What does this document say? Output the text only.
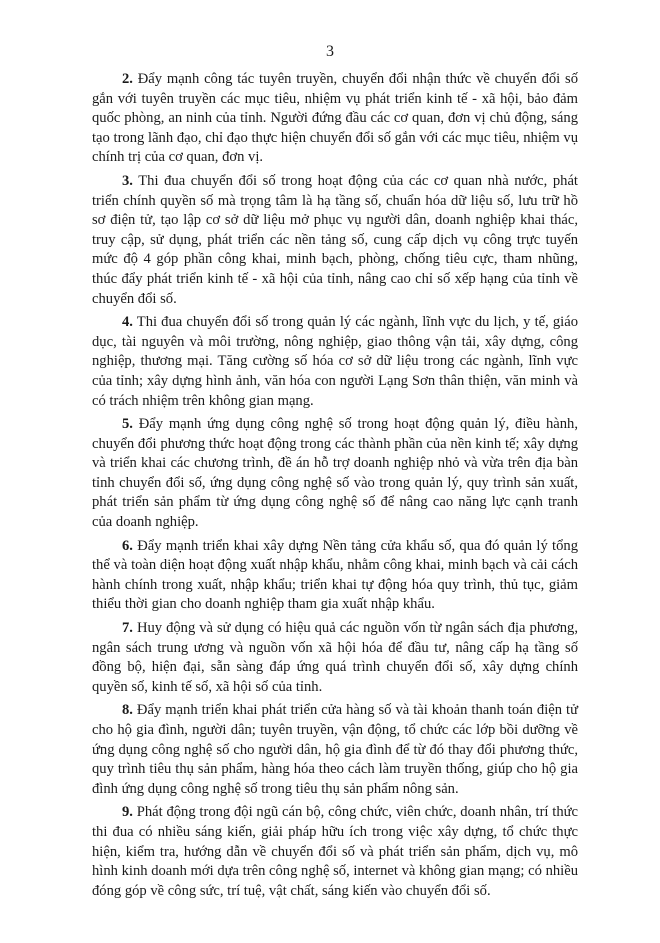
3

2. Đẩy mạnh công tác tuyên truyền, chuyển đổi nhận thức về chuyển đổi số gắn với tuyên truyền các mục tiêu, nhiệm vụ phát triển kinh tế - xã hội, bảo đảm quốc phòng, an ninh của tỉnh. Người đứng đầu các cơ quan, đơn vị chủ động, sáng tạo trong lãnh đạo, chỉ đạo thực hiện chuyển đổi số gắn với các mục tiêu, nhiệm vụ chính trị của cơ quan, đơn vị.

3. Thi đua chuyển đổi số trong hoạt động của các cơ quan nhà nước, phát triển chính quyền số mà trọng tâm là hạ tầng số, chuẩn hóa dữ liệu số, lưu trữ hồ sơ điện tử, tạo lập cơ sở dữ liệu mở phục vụ người dân, doanh nghiệp khai thác, truy cập, sử dụng, phát triển các nền tảng số, cung cấp dịch vụ công trực tuyến mức độ 4 góp phần công khai, minh bạch, phòng, chống tiêu cực, tham nhũng, thúc đẩy phát triển kinh tế - xã hội của tỉnh, nâng cao chỉ số xếp hạng của tỉnh về chuyển đổi số.

4. Thi đua chuyển đổi số trong quản lý các ngành, lĩnh vực du lịch, y tế, giáo dục, tài nguyên và môi trường, nông nghiệp, giao thông vận tải, xây dựng, công nghiệp, thương mại. Tăng cường số hóa cơ sở dữ liệu trong các ngành, lĩnh vực của tỉnh; xây dựng hình ảnh, văn hóa con người Lạng Sơn thân thiện, văn minh và có trách nhiệm trên không gian mạng.

5. Đẩy mạnh ứng dụng công nghệ số trong hoạt động quản lý, điều hành, chuyển đổi phương thức hoạt động trong các thành phần của nền kinh tế; xây dựng và triển khai các chương trình, đề án hỗ trợ doanh nghiệp nhỏ và vừa trên địa bàn tỉnh chuyển đổi số, ứng dụng công nghệ số vào trong quản lý, quy trình sản xuất, phát triển sản phẩm từ ứng dụng công nghệ số để nâng cao năng lực cạnh tranh của doanh nghiệp.

6. Đẩy mạnh triển khai xây dựng Nền tảng cửa khẩu số, qua đó quản lý tổng thể và toàn diện hoạt động xuất nhập khẩu, nhằm công khai, minh bạch và cải cách hành chính trong xuất, nhập khẩu; triển khai tự động hóa quy trình, thủ tục, giảm thiểu thời gian cho doanh nghiệp tham gia xuất nhập khẩu.

7. Huy động và sử dụng có hiệu quả các nguồn vốn từ ngân sách địa phương, ngân sách trung ương và nguồn vốn xã hội hóa để đầu tư, nâng cấp hạ tầng số đồng bộ, hiện đại, sẵn sàng đáp ứng quá trình chuyển đổi số, xây dựng chính quyền số, kinh tế số, xã hội số của tỉnh.

8. Đẩy mạnh triển khai phát triển cửa hàng số và tài khoản thanh toán điện tử cho hộ gia đình, người dân; tuyên truyền, vận động, tổ chức các lớp bồi dưỡng về ứng dụng công nghệ số cho người dân, hộ gia đình để từ đó thay đổi phương thức, quy trình tiêu thụ sản phẩm, hàng hóa theo cách làm truyền thống, giúp cho hộ gia đình ứng dụng công nghệ số trong tiêu thụ sản phẩm nông sản.

9. Phát động trong đội ngũ cán bộ, công chức, viên chức, doanh nhân, trí thức thi đua có nhiều sáng kiến, giải pháp hữu ích trong việc xây dựng, tổ chức thực hiện, kiểm tra, hướng dẫn về chuyển đổi số và phát triển sản phẩm, dịch vụ, mô hình kinh doanh mới dựa trên công nghệ số, internet và không gian mạng; có nhiều đóng góp về công sức, trí tuệ, vật chất, sáng kiến vào chuyển đổi số.
